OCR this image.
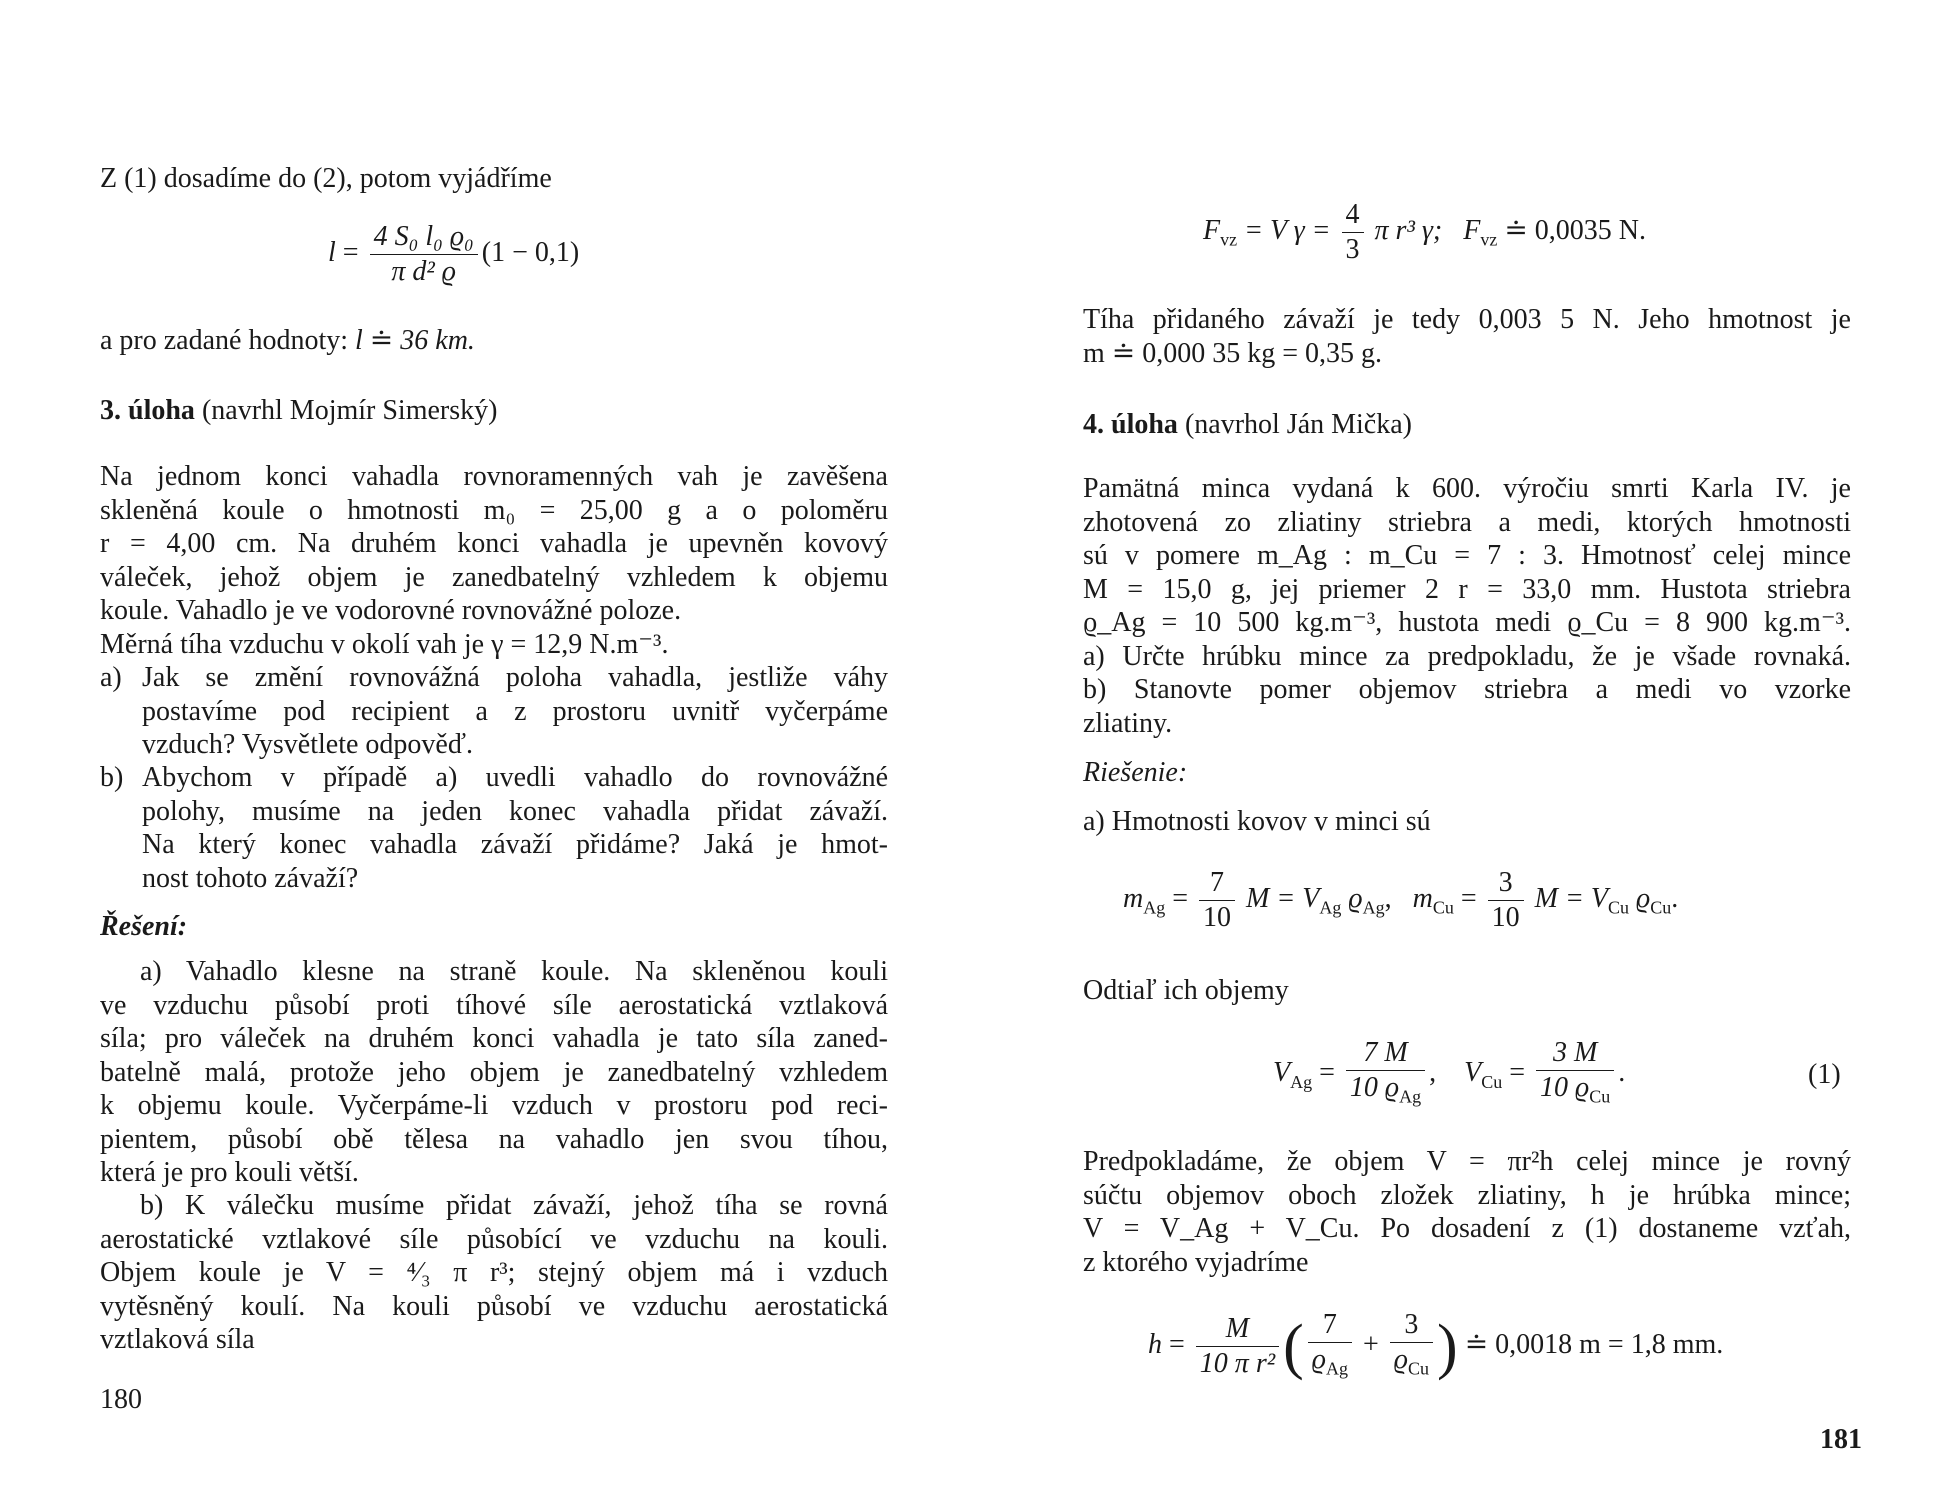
Z (1) dosadíme do (2), potom vyjádříme
$l = \frac{\text{4 S₀ l₀ ϱ₀}}{\text{π d² ϱ}} (1 - 0,1)$
a pro zadané hodnoty: l ≐ 36 km.
3. úloha (navrhl Mojmír Simerský)
Na jednom konci vahadla rovnoramenných vah je zavěšena
skleněná koule o hmotnosti m₀ = 25,00 g a o poloměru
r = 4,00 cm. Na druhém konci vahadla je upevněn kovový
váleček, jehož objem je zanedbatelný vzhledem k objemu
koule. Vahadlo je ve vodorovné rovnovážné poloze.
Měrná tíha vzduchu v okolí vah je γ = 12,9 N.m⁻³.
a) Jak se změní rovnovážná poloha vahadla, jestliže váhy
postavíme pod recipient a z prostoru uvnitř vyčerpáme
vzduch? Vysvětlete odpověď.
b) Abychom v případě a) uvedli vahadlo do rovnovážné
polohy, musíme na jeden konec vahadla přidat závaží.
Na který konec vahadla závaží přidáme? Jaká je hmot-
nost tohoto závaží?
Řešení:
a) Vahadlo klesne na straně koule. Na skleněnou kouli
ve vzduchu působí proti tíhové síle aerostatická vztlaková
síla; pro váleček na druhém konci vahadla je tato síla zaned-
batelně malá, protože jeho objem je zanedbatelný vzhledem
k objemu koule. Vyčerpáme-li vzduch v prostoru pod reci-
pientem, působí obě tělesa na vahadlo jen svou tíhou,
která je pro kouli větší.
b) K válečku musíme přidat závaží, jehož tíha se rovná
aerostatické vztlakové síle působící ve vzduchu na kouli.
Objem koule je V = ⁴⁄₃ π r³; stejný objem má i vzduch
vytěsněný koulí. Na kouli působí ve vzduchu aerostatická
vztlaková síla
180
$F_{vz} = V$ $\gamma = \frac{4}{3}$ π r³ γ; $F_{vz}$ ≐ 0,0035 N.
Tíha přidaného závaží je tedy 0,003 5 N. Jeho hmotnost je
m ≐ 0,000 35 kg = 0,35 g.
4. úloha (navrhol Ján Mička)
Pamätná minca vydaná k 600. výročiu smrti Karla IV. je
zhotovená zo zliatiny striebra a medi, ktorých hmotnosti
sú v pomere m_Ag : m_Cu = 7 : 3. Hmotnosť celej mince
M = 15,0 g, jej priemer 2 r = 33,0 mm. Hustota striebra
ϱ_Ag = 10 500 kg.m⁻³, hustota medi ϱ_Cu = 8 900 kg.m⁻³.
a) Určte hrúbku mince za predpokladu, že je všade rovnaká.
b) Stanovte pomer objemov striebra a medi vo vzorke
zliatiny.
Riešenie:
a) Hmotnosti kovov v minci sú
$m_{Ag} = \frac{7}{10}$ $M = V_{Ag}$ $ϱ_{Ag}$, $m_{Cu} = \frac{3}{10}$ $M = V_{Cu}$ $ϱ_{Cu}$.
Odtiaľ ich objemy
$V_{Ag} = \frac{7 M}{10 ϱ_{Ag}}$ , $V_{Cu} = \frac{3 M}{10 ϱ_{Cu}}$ .	(1)
Predpokladáme, že objem V = πr²h celej mince je rovný
súčtu objemov oboch zložek zliatiny, h je hrúbka mince;
V = V_Ag + V_Cu. Po dosadení z (1) dostaneme vzťah,
z ktorého vyjadríme
$h = \frac{M}{\text{10 π r²}}$ ( $\frac{7}{ϱ_{Ag}} + \frac{3}{ϱ_{Cu}}$ ) ≐ 0,0018 m = 1,8 mm.
181
